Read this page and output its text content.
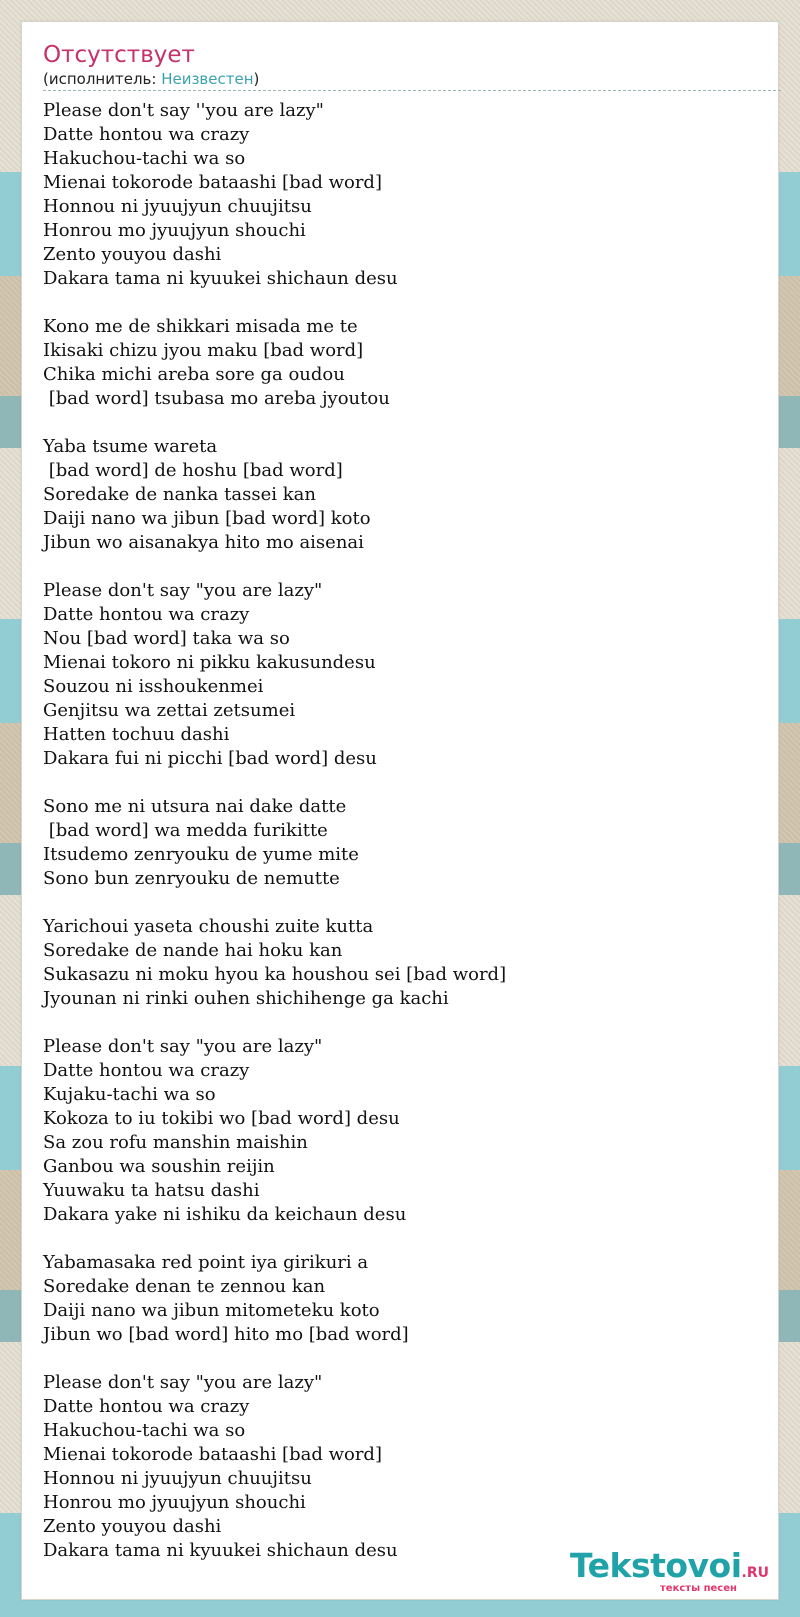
Отсутствует
(исполнитель: Неизвестен)
Please don't say ''you are lazy"
Datte hontou wa crazy
Hakuchou-tachi wa so
Mienai tokorode bataashi [bad word]
Honnou ni jyuujyun chuujitsu
Honrou mo jyuujyun shouchi
Zento youyou dashi
Dakara tama ni kyuukei shichaun desu
Kono me de shikkari misada me te
Ikisaki chizu jyou maku [bad word]
Chika michi areba sore ga oudou
[bad word] tsubasa mo areba jyoutou
Yaba tsume wareta
[bad word] de hoshu [bad word]
Soredake de nanka tassei kan
Daiji nano wa jibun [bad word] koto
Jibun wo aisanakya hito mo aisenai
Please don't say "you are lazy"
Datte hontou wa crazy
Nou [bad word] taka wa so
Mienai tokoro ni pikku kakusundesu
Souzou ni isshoukenmei
Genjitsu wa zettai zetsumei
Hatten tochuu dashi
Dakara fui ni picchi [bad word] desu
Sono me ni utsura nai dake datte
[bad word] wa medda furikitte
Itsudemo zenryouku de yume mite
Sono bun zenryouku de nemutte
Yarichoui yaseta choushi zuite kutta
Soredake de nande hai hoku kan
Sukasazu ni moku hyou ka houshou sei [bad word]
Jyounan ni rinki ouhen shichihenge ga kachi
Please don't say "you are lazy"
Datte hontou wa crazy
Kujaku-tachi wa so
Kokoza to iu tokibi wo [bad word] desu
Sa zou rofu manshin maishin
Ganbou wa soushin reijin
Yuuwaku ta hatsu dashi
Dakara yake ni ishiku da keichaun desu
Yabamasaka red point iya girikuri a
Soredake denan te zennou kan
Daiji nano wa jibun mitometeku koto
Jibun wo [bad word] hito mo [bad word]
Please don't say "you are lazy"
Datte hontou wa crazy
Hakuchou-tachi wa so
Mienai tokorode bataashi [bad word]
Honnou ni jyuujyun chuujitsu
Honrou mo jyuujyun shouchi
Zento youyou dashi
Dakara tama ni kyuukei shichaun desu	Tekstovoi.RU
тексты песен
